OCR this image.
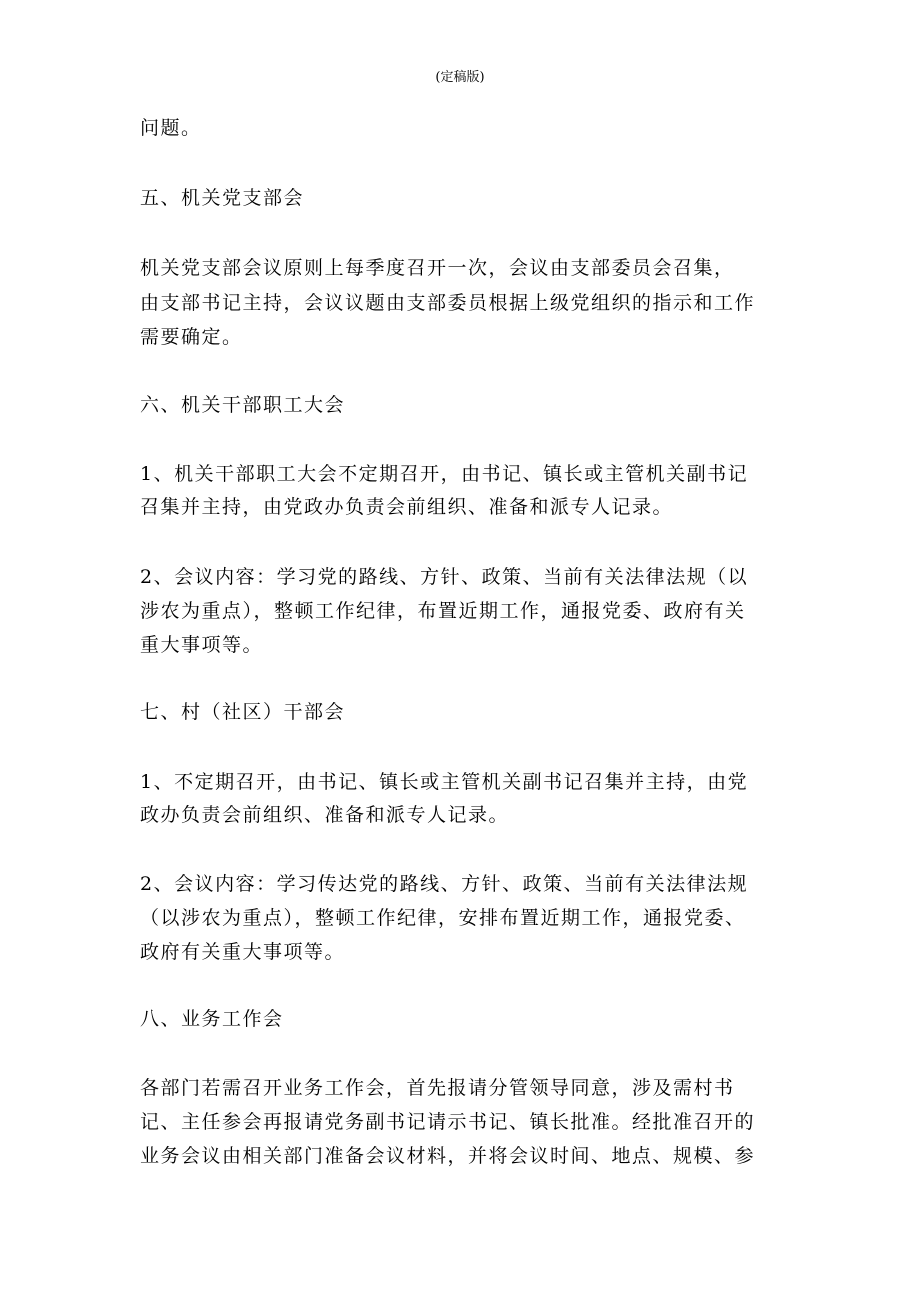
(定稿版)
问题。
五、机关党支部会
机关党支部会议原则上每季度召开一次，会议由支部委员会召集，
由支部书记主持，会议议题由支部委员根据上级党组织的指示和工作
需要确定。
六、机关干部职工大会
1、机关干部职工大会不定期召开，由书记、镇长或主管机关副书记
召集并主持，由党政办负责会前组织、准备和派专人记录。
2、会议内容：学习党的路线、方针、政策、当前有关法律法规（以
涉农为重点），整顿工作纪律，布置近期工作，通报党委、政府有关
重大事项等。
七、村（社区）干部会
1、不定期召开，由书记、镇长或主管机关副书记召集并主持，由党
政办负责会前组织、准备和派专人记录。
2、会议内容：学习传达党的路线、方针、政策、当前有关法律法规
（以涉农为重点），整顿工作纪律，安排布置近期工作，通报党委、
政府有关重大事项等。
八、业务工作会
各部门若需召开业务工作会，首先报请分管领导同意，涉及需村书
记、主任参会再报请党务副书记请示书记、镇长批准。经批准召开的
业务会议由相关部门准备会议材料，并将会议时间、地点、规模、参
